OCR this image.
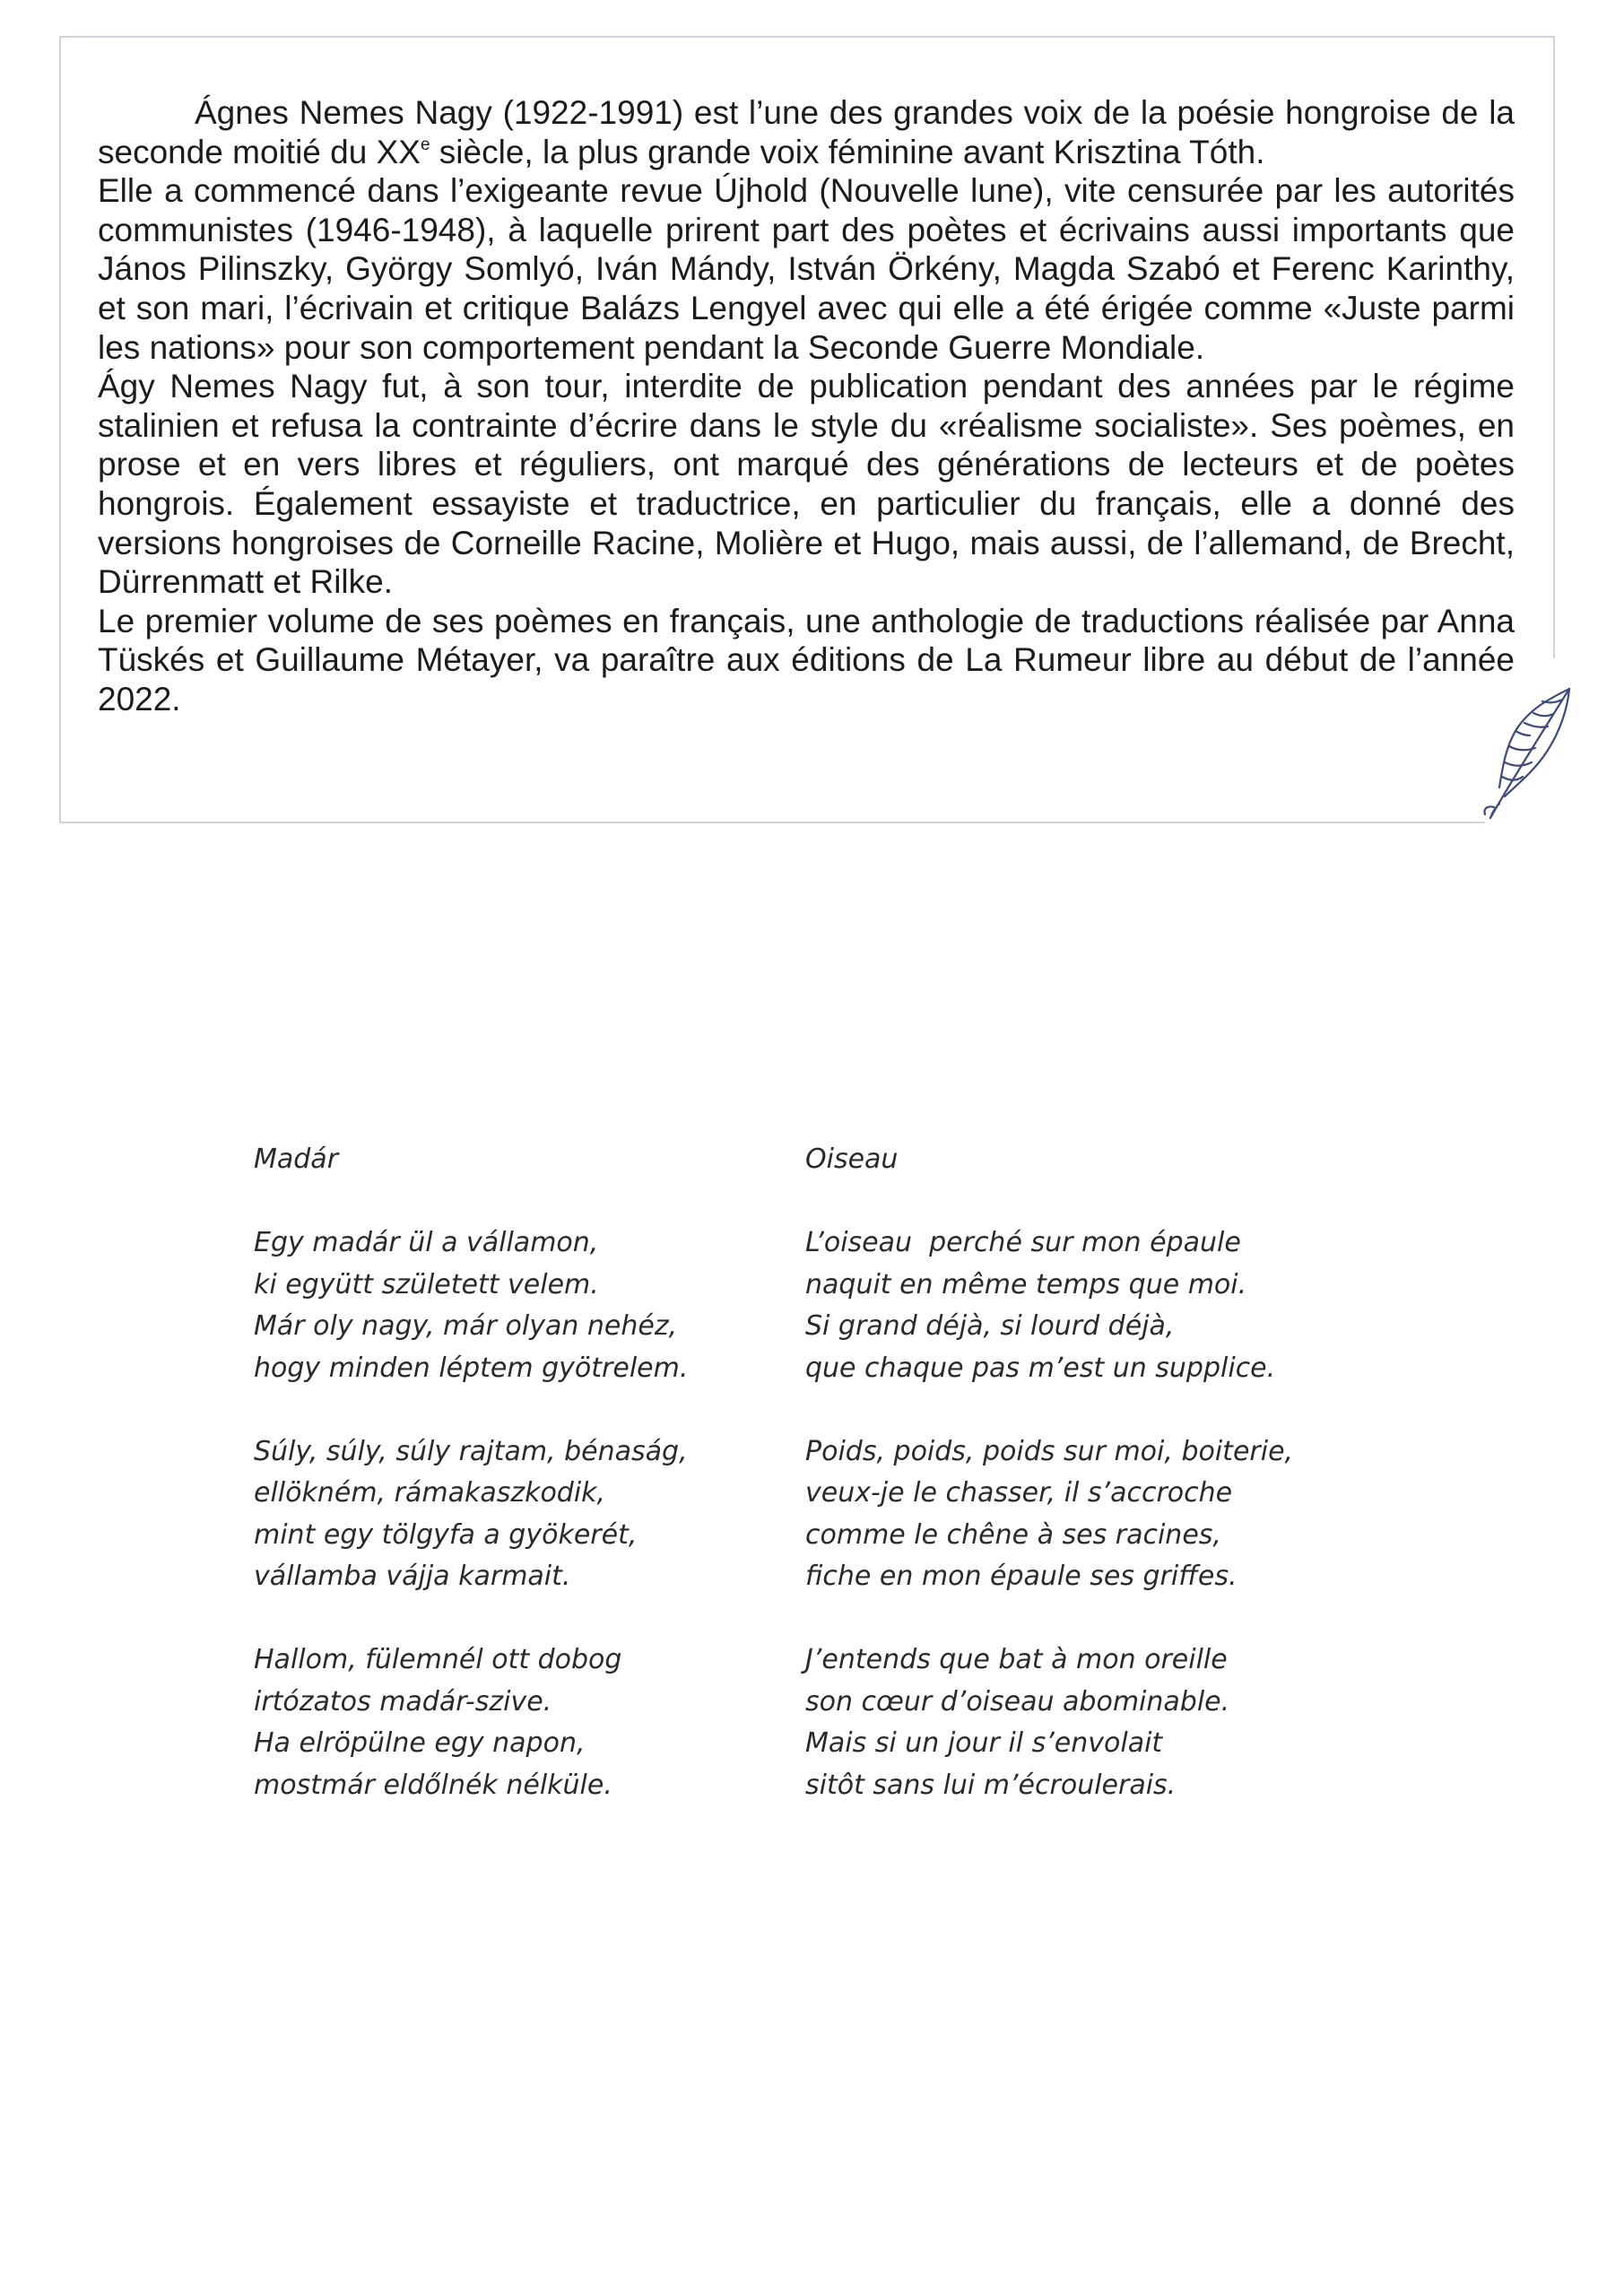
Ágnes Nemes Nagy (1922-1991) est l’une des grandes voix de la poésie hongroise de la seconde moitié du XXe siècle, la plus grande voix féminine avant Krisztina Tóth.

Elle a commencé dans l’exigeante revue Újhold (Nouvelle lune), vite censurée par les autorités communistes (1946-1948), à laquelle prirent part des poètes et écrivains aussi importants que János Pilinszky, György Somlyó, Iván Mándy, István Örkény, Magda Szabó et Ferenc Karinthy, et son mari, l’écrivain et critique Balázs Lengyel avec qui elle a été érigée comme «Juste parmi les nations» pour son comportement pendant la Seconde Guerre Mondiale.

Ágy Nemes Nagy fut, à son tour, interdite de publication pendant des années par le régime stalinien et refusa la contrainte d’écrire dans le style du «réalisme socialiste». Ses poèmes, en prose et en vers libres et réguliers, ont marqué des générations de lecteurs et de poètes hongrois. Également essayiste et traductrice, en particulier du français, elle a donné des versions hongroises de Corneille Racine, Molière et Hugo, mais aussi, de l’allemand, de Brecht, Dürrenmatt et Rilke.

Le premier volume de ses poèmes en français, une anthologie de traductions réalisée par Anna Tüskés et Guillaume Métayer, va paraître aux éditions de La Rumeur libre au début de l’année 2022.

Madár
Egy madár ül a vállamon,
ki együtt született velem.
Már oly nagy, már olyan nehéz,
hogy minden léptem gyötrelem.
Súly, súly, súly rajtam, bénaság,
ellökném, rámakaszkodik,
mint egy tölgyfa a gyökerét,
vállamba vájja karmait.
Hallom, fülemnél ott dobog
irtózatos madár-szive.
Ha elröpülne egy napon,
mostmár eldőlnék nélküle.
Oiseau
L’oiseau  perché sur mon épaule
naquit en même temps que moi.
Si grand déjà, si lourd déjà,
que chaque pas m’est un supplice.
Poids, poids, poids sur moi, boiterie,
veux-je le chasser, il s’accroche
comme le chêne à ses racines,
fiche en mon épaule ses griffes.
J’entends que bat à mon oreille
son cœur d’oiseau abominable.
Mais si un jour il s’envolait
sitôt sans lui m’écroulerais.
